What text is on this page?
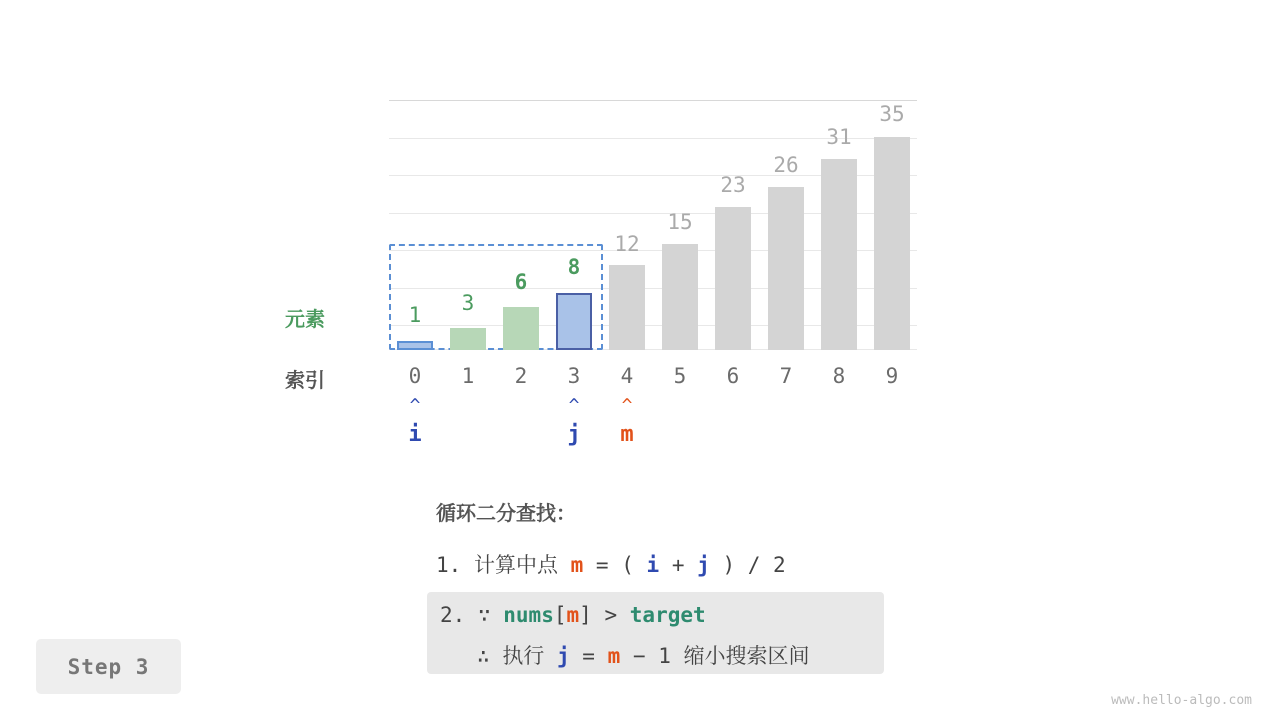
1	3
6
8
12
15
23
26
31
35
元素
索引	0	1	2	3	4	5	6	7	8	9
^	^	^
i	j	m
循环二分查找：
1. 计算中点 m = ( i + j ) / 2
2. ∵ nums[m] > target
∴ 执行 j = m − 1 缩小搜索区间
Step 3
www.hello-algo.com
